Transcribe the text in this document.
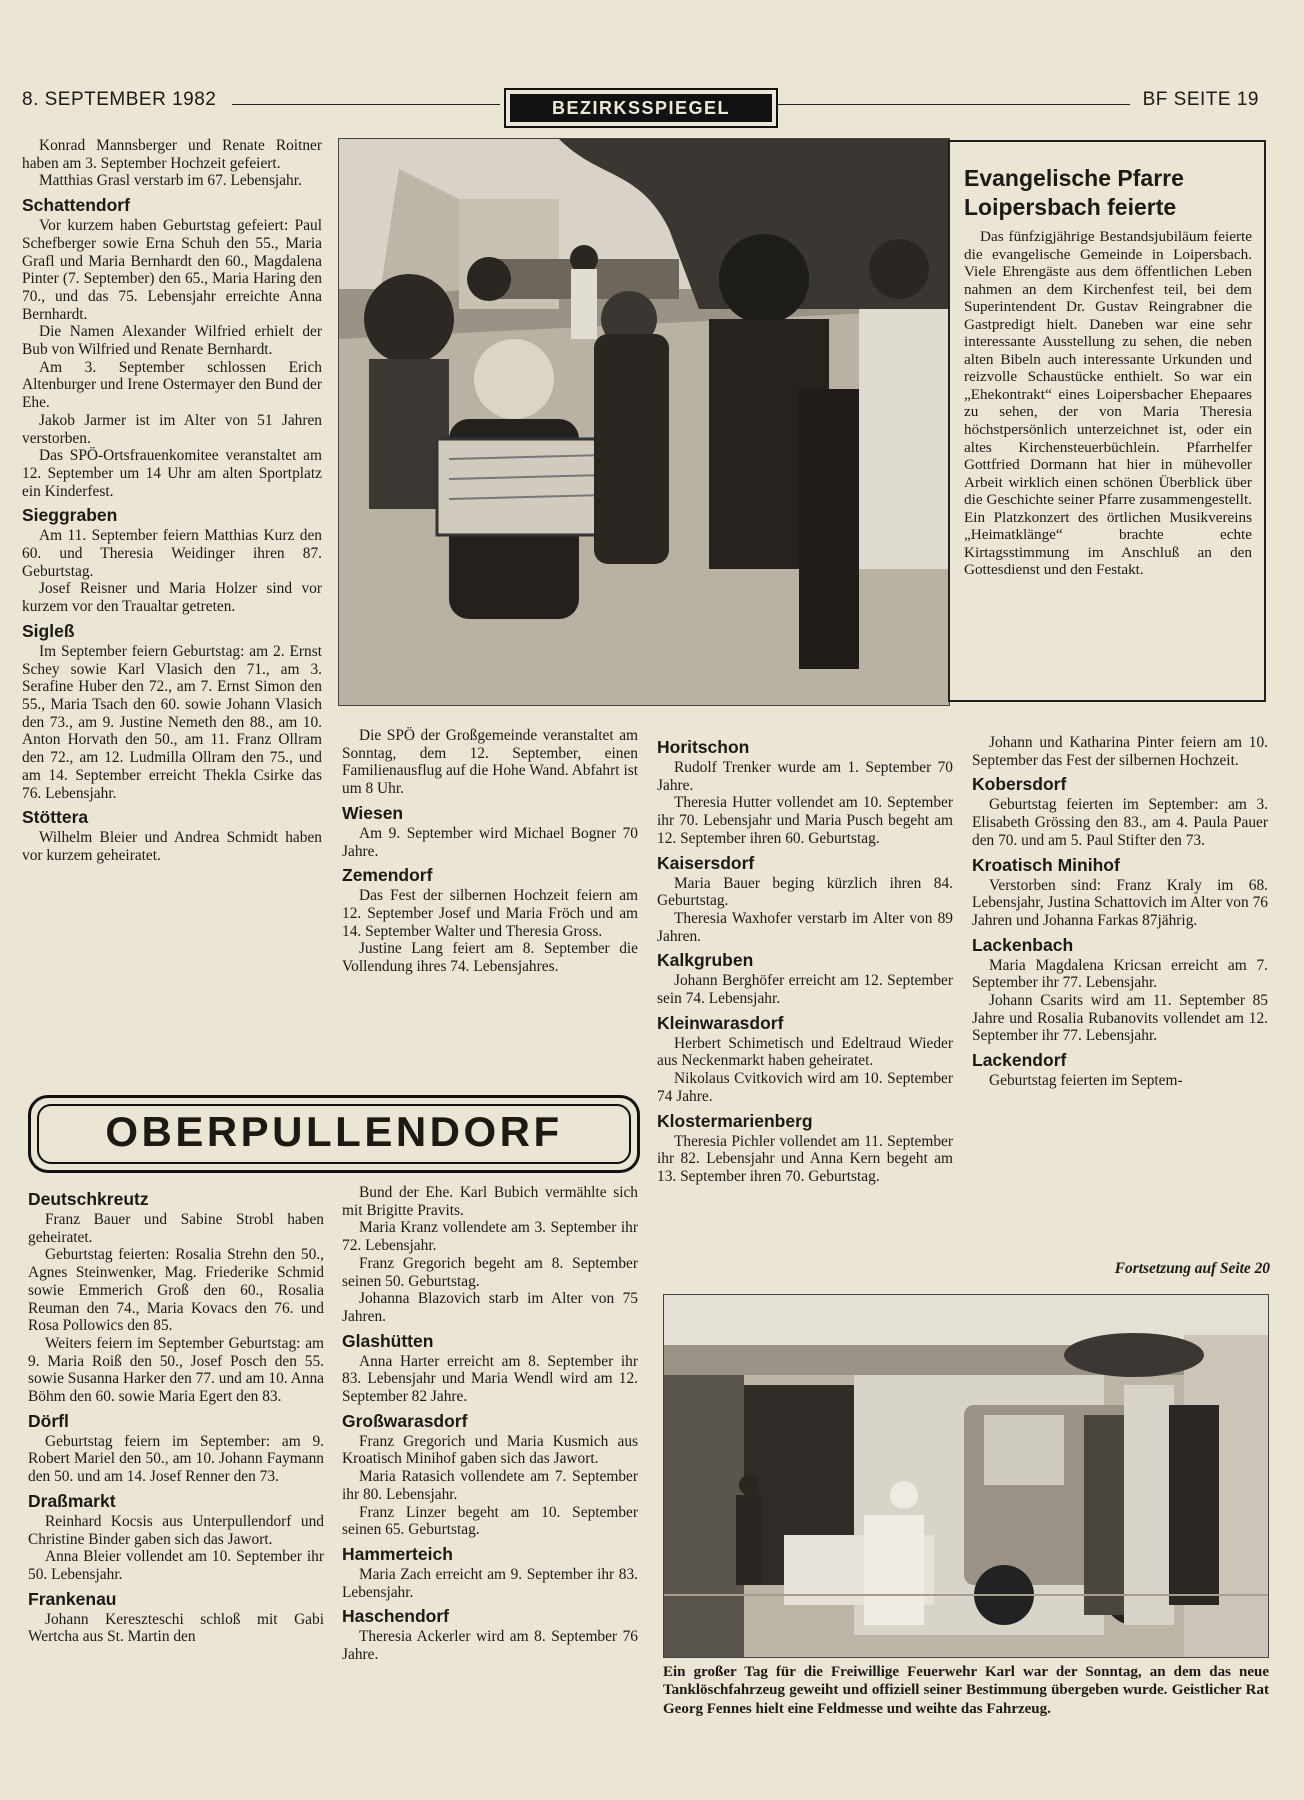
8. SEPTEMBER 1982	BEZIRKSSPIEGEL	BF SEITE 19

Konrad Mannsberger und Renate Roitner haben am 3. September Hochzeit gefeiert.

Matthias Grasl verstarb im 67. Lebensjahr.

Schattendorf

Vor kurzem haben Geburtstag gefeiert: Paul Schefberger sowie Erna Schuh den 55., Maria Grafl und Maria Bernhardt den 60., Magdalena Pinter (7. September) den 65., Maria Haring den 70., und das 75. Lebensjahr erreichte Anna Bernhardt.

Die Namen Alexander Wilfried erhielt der Bub von Wilfried und Renate Bernhardt.

Am 3. September schlossen Erich Altenburger und Irene Ostermayer den Bund der Ehe.

Jakob Jarmer ist im Alter von 51 Jahren verstorben.

Das SPÖ-Ortsfrauenkomitee veranstaltet am 12. September um 14 Uhr am alten Sportplatz ein Kinderfest.

Sieggraben

Am 11. September feiern Matthias Kurz den 60. und Theresia Weidinger ihren 87. Geburtstag.

Josef Reisner und Maria Holzer sind vor kurzem vor den Traualtar getreten.

Sigleß

Im September feiern Geburtstag: am 2. Ernst Schey sowie Karl Vlasich den 71., am 3. Serafine Huber den 72., am 7. Ernst Simon den 55., Maria Tsach den 60. sowie Johann Vlasich den 73., am 9. Justine Nemeth den 88., am 10. Anton Horvath den 50., am 11. Franz Ollram den 72., am 12. Ludmilla Ollram den 75., und am 14. September erreicht Thekla Csirke das 76. Lebensjahr.

Stöttera

Wilhelm Bleier und Andrea Schmidt haben vor kurzem geheiratet.

Evangelische Pfarre Loipersbach feierte

Das fünfzigjährige Bestandsjubiläum feierte die evangelische Gemeinde in Loipersbach. Viele Ehrengäste aus dem öffentlichen Leben nahmen an dem Kirchenfest teil, bei dem Superintendent Dr. Gustav Reingrabner die Gastpredigt hielt. Daneben war eine sehr interessante Ausstellung zu sehen, die neben alten Bibeln auch interessante Urkunden und reizvolle Schaustücke enthielt. So war ein „Ehekontrakt“ eines Loipersbacher Ehepaares zu sehen, der von Maria Theresia höchstpersönlich unterzeichnet ist, oder ein altes Kirchensteuerbüchlein. Pfarrhelfer Gottfried Dormann hat hier in mühevoller Arbeit wirklich einen schönen Überblick über die Geschichte seiner Pfarre zusammengestellt. Ein Platzkonzert des örtlichen Musikvereins „Heimatklänge“ brachte echte Kirtagsstimmung im Anschluß an den Gottesdienst und den Festakt.

Die SPÖ der Großgemeinde veranstaltet am Sonntag, dem 12. September, einen Familienausflug auf die Hohe Wand. Abfahrt ist um 8 Uhr.

Wiesen

Am 9. September wird Michael Bogner 70 Jahre.

Zemendorf

Das Fest der silbernen Hochzeit feiern am 12. September Josef und Maria Fröch und am 14. September Walter und Theresia Gross.

Justine Lang feiert am 8. September die Vollendung ihres 74. Lebensjahres.

Horitschon

Rudolf Trenker wurde am 1. September 70 Jahre.

Theresia Hutter vollendet am 10. September ihr 70. Lebensjahr und Maria Pusch begeht am 12. September ihren 60. Geburtstag.

Kaisersdorf

Maria Bauer beging kürzlich ihren 84. Geburtstag.

Theresia Waxhofer verstarb im Alter von 89 Jahren.

Kalkgruben

Johann Berghöfer erreicht am 12. September sein 74. Lebensjahr.

Kleinwarasdorf

Herbert Schimetisch und Edeltraud Wieder aus Neckenmarkt haben geheiratet.

Nikolaus Cvitkovich wird am 10. September 74 Jahre.

Klostermarienberg

Theresia Pichler vollendet am 11. September ihr 82. Lebensjahr und Anna Kern begeht am 13. September ihren 70. Geburtstag.

Johann und Katharina Pinter feiern am 10. September das Fest der silbernen Hochzeit.

Kobersdorf

Geburtstag feierten im September: am 3. Elisabeth Grössing den 83., am 4. Paula Pauer den 70. und am 5. Paul Stifter den 73.

Kroatisch Minihof

Verstorben sind: Franz Kraly im 68. Lebensjahr, Justina Schattovich im Alter von 76 Jahren und Johanna Farkas 87jährig.

Lackenbach

Maria Magdalena Kricsan erreicht am 7. September ihr 77. Lebensjahr.

Johann Csarits wird am 11. September 85 Jahre und Rosalia Rubanovits vollendet am 12. September ihr 77. Lebensjahr.

Lackendorf

Geburtstag feierten im Septem-

Fortsetzung auf Seite 20
OBERPULLENDORF
Deutschkreutz

Franz Bauer und Sabine Strobl haben geheiratet.

Geburtstag feierten: Rosalia Strehn den 50., Agnes Steinwenker, Mag. Friederike Schmid sowie Emmerich Groß den 60., Rosalia Reuman den 74., Maria Kovacs den 76. und Rosa Pollowics den 85.

Weiters feiern im September Geburtstag: am 9. Maria Roiß den 50., Josef Posch den 55. sowie Susanna Harker den 77. und am 10. Anna Böhm den 60. sowie Maria Egert den 83.

Dörfl

Geburtstag feiern im September: am 9. Robert Mariel den 50., am 10. Johann Faymann den 50. und am 14. Josef Renner den 73.

Draßmarkt

Reinhard Kocsis aus Unterpullendorf und Christine Binder gaben sich das Jawort.

Anna Bleier vollendet am 10. September ihr 50. Lebensjahr.

Frankenau

Johann Kereszteschi schloß mit Gabi Wertcha aus St. Martin den

Bund der Ehe. Karl Bubich vermählte sich mit Brigitte Pravits.

Maria Kranz vollendete am 3. September ihr 72. Lebensjahr.

Franz Gregorich begeht am 8. September seinen 50. Geburtstag.

Johanna Blazovich starb im Alter von 75 Jahren.

Glashütten

Anna Harter erreicht am 8. September ihr 83. Lebensjahr und Maria Wendl wird am 12. September 82 Jahre.

Großwarasdorf

Franz Gregorich und Maria Kusmich aus Kroatisch Minihof gaben sich das Jawort.

Maria Ratasich vollendete am 7. September ihr 80. Lebensjahr.

Franz Linzer begeht am 10. September seinen 65. Geburtstag.

Hammerteich

Maria Zach erreicht am 9. September ihr 83. Lebensjahr.

Haschendorf

Theresia Ackerler wird am 8. September 76 Jahre.

Ein großer Tag für die Freiwillige Feuerwehr Karl war der Sonntag, an dem das neue Tanklöschfahrzeug geweiht und offiziell seiner Bestimmung übergeben wurde. Geistlicher Rat Georg Fennes hielt eine Feldmesse und weihte das Fahrzeug.
